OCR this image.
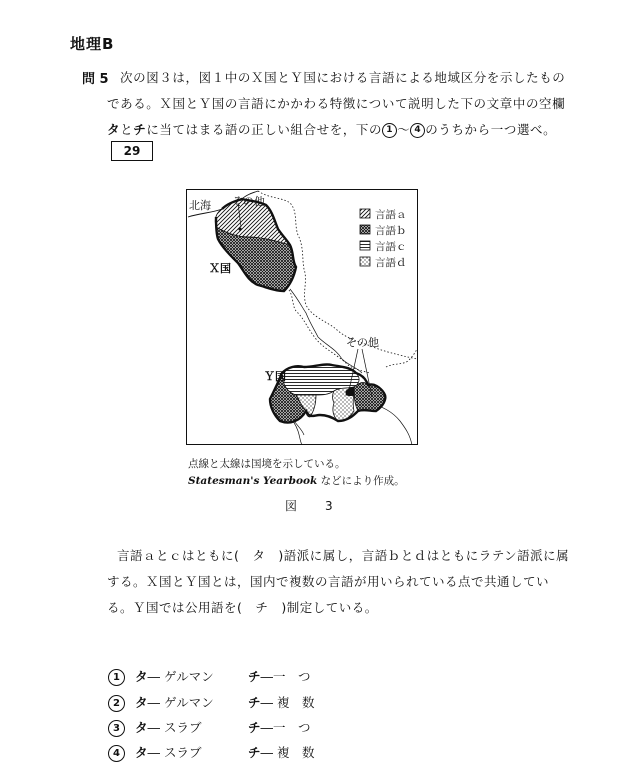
地理B
問 5 次の図３は，図１中のＸ国とＹ国における言語による地域区分を示したもの
である。Ｘ国とＹ国の言語にかかわる特徴について説明した下の文章中の空欄
タとチに当てはまる語の正しい組合せを，下の 1 〜 4 のうちから一つ選べ。
29
北海 その他
Ｘ国
その他
Ｙ国
言語ａ
言語ｂ
言語ｃ
言語ｄ
点線と太線は国境を示している。
Statesman's Yearbook などにより作成。
図　3
言語ａとｃはともに(　タ　)語派に属し，言語ｂとｄはともにラテン語派に属
する。Ｘ国とＹ国とは，国内で複数の言語が用いられている点で共通してい
る。Ｙ国では公用語を(　チ　)制定している。
1 タ― ゲルマン	チ―一　つ
2 タ― ゲルマン	チ― 複　数
3 タ― スラブ	チ―一　つ
4 タ― スラブ	チ― 複　数
